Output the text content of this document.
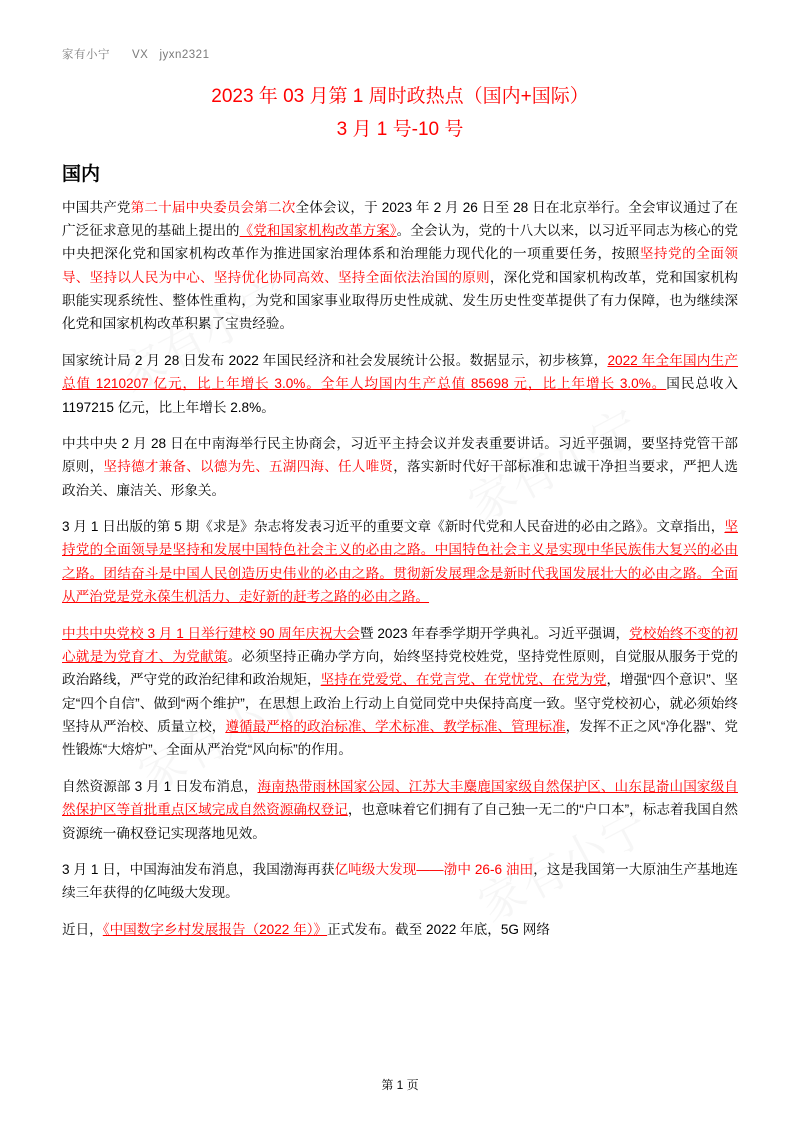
家有小宁 VX jyxn2321
2023 年 03 月第 1 周时政热点（国内+国际）
3 月 1 号-10 号
国内

中国共产党第二十届中央委员会第二次全体会议，于 2023 年 2 月 26 日至 28 日在北京举行。全会审议通过了在广泛征求意见的基础上提出的《党和国家机构改革方案》。全会认为，党的十八大以来，以习近平同志为核心的党中央把深化党和国家机构改革作为推进国家治理体系和治理能力现代化的一项重要任务，按照坚持党的全面领导、坚持以人民为中心、坚持优化协同高效、坚持全面依法治国的原则，深化党和国家机构改革，党和国家机构职能实现系统性、整体性重构，为党和国家事业取得历史性成就、发生历史性变革提供了有力保障，也为继续深化党和国家机构改革积累了宝贵经验。

国家统计局 2 月 28 日发布 2022 年国民经济和社会发展统计公报。数据显示，初步核算，2022 年全年国内生产总值 1210207 亿元，比上年增长 3.0%。全年人均国内生产总值 85698 元，比上年增长 3.0%。国民总收入 1197215 亿元，比上年增长 2.8%。

中共中央 2 月 28 日在中南海举行民主协商会，习近平主持会议并发表重要讲话。习近平强调，要坚持党管干部原则，坚持德才兼备、以德为先、五湖四海、任人唯贤，落实新时代好干部标准和忠诚干净担当要求，严把人选政治关、廉洁关、形象关。

3 月 1 日出版的第 5 期《求是》杂志将发表习近平的重要文章《新时代党和人民奋进的必由之路》。文章指出，坚持党的全面领导是坚持和发展中国特色社会主义的必由之路。中国特色社会主义是实现中华民族伟大复兴的必由之路。团结奋斗是中国人民创造历史伟业的必由之路。贯彻新发展理念是新时代我国发展壮大的必由之路。全面从严治党是党永葆生机活力、走好新的赶考之路的必由之路。

中共中央党校 3 月 1 日举行建校 90 周年庆祝大会暨 2023 年春季学期开学典礼。习近平强调，党校始终不变的初心就是为党育才、为党献策。必须坚持正确办学方向，始终坚持党校姓党，坚持党性原则，自觉服从服务于党的政治路线，严守党的政治纪律和政治规矩，坚持在党爱党、在党言党、在党忧党、在党为党，增强“四个意识”、坚定“四个自信”、做到“两个维护”，在思想上政治上行动上自觉同党中央保持高度一致。坚守党校初心，就必须始终坚持从严治校、质量立校，遵循最严格的政治标准、学术标准、教学标准、管理标准，发挥不正之风“净化器”、党性锻炼“大熔炉”、全面从严治党“风向标”的作用。

自然资源部 3 月 1 日发布消息，海南热带雨林国家公园、江苏大丰麋鹿国家级自然保护区、山东昆嵛山国家级自然保护区等首批重点区域完成自然资源确权登记，也意味着它们拥有了自己独一无二的“户口本”，标志着我国自然资源统一确权登记实现落地见效。

3 月 1 日，中国海油发布消息，我国渤海再获亿吨级大发现——渤中 26-6 油田，这是我国第一大原油生产基地连续三年获得的亿吨级大发现。

近日，《中国数字乡村发展报告（2022 年）》正式发布。截至 2022 年底，5G 网络

第 1 页
